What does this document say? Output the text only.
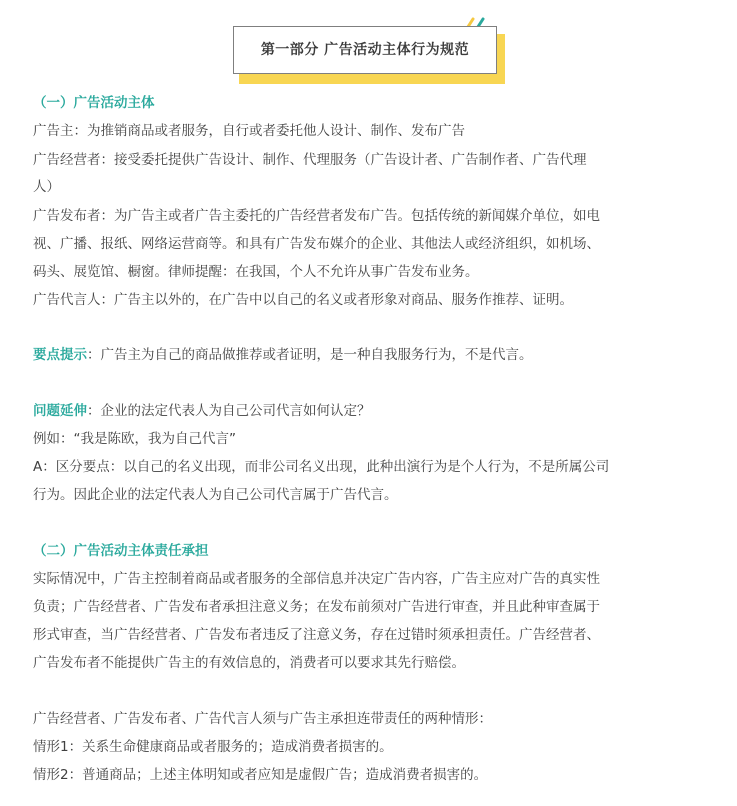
第一部分 广告活动主体行为规范
（一）广告活动主体
广告主：为推销商品或者服务，自行或者委托他人设计、制作、发布广告
广告经营者：接受委托提供广告设计、制作、代理服务（广告设计者、广告制作者、广告代理
人）
广告发布者：为广告主或者广告主委托的广告经营者发布广告。包括传统的新闻媒介单位，如电
视、广播、报纸、网络运营商等。和具有广告发布媒介的企业、其他法人或经济组织，如机场、
码头、展览馆、橱窗。律师提醒：在我国，个人不允许从事广告发布业务。
广告代言人：广告主以外的，在广告中以自己的名义或者形象对商品、服务作推荐、证明。
要点提示：广告主为自己的商品做推荐或者证明，是一种自我服务行为，不是代言。
问题延伸：企业的法定代表人为自己公司代言如何认定？
例如：“我是陈欧，我为自己代言”
A：区分要点：以自己的名义出现，而非公司名义出现，此种出演行为是个人行为，不是所属公司
行为。因此企业的法定代表人为自己公司代言属于广告代言。
（二）广告活动主体责任承担
实际情况中，广告主控制着商品或者服务的全部信息并决定广告内容，广告主应对广告的真实性
负责；广告经营者、广告发布者承担注意义务；在发布前须对广告进行审查，并且此种审查属于
形式审查，当广告经营者、广告发布者违反了注意义务，存在过错时须承担责任。广告经营者、
广告发布者不能提供广告主的有效信息的，消费者可以要求其先行赔偿。
广告经营者、广告发布者、广告代言人须与广告主承担连带责任的两种情形：
情形1：关系生命健康商品或者服务的；造成消费者损害的。
情形2：普通商品；上述主体明知或者应知是虚假广告；造成消费者损害的。
